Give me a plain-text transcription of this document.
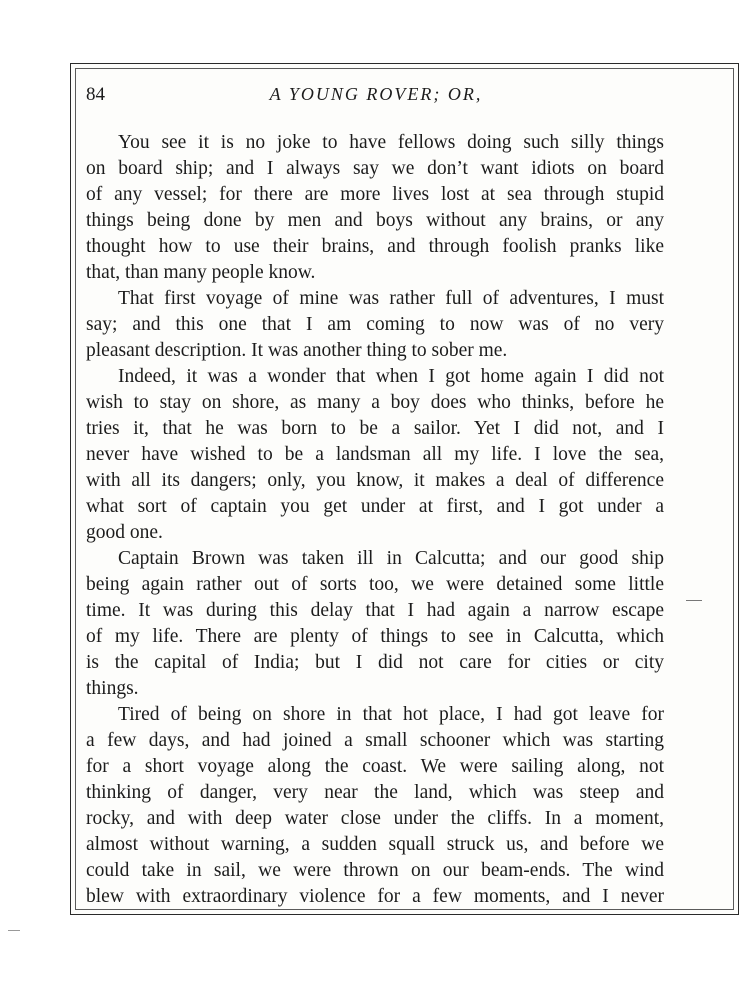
84	A YOUNG ROVER; OR,
You see it is no joke to have fellows doing such silly things
on board ship; and I always say we don’t want idiots on board
of any vessel; for there are more lives lost at sea through stupid
things being done by men and boys without any brains, or any
thought how to use their brains, and through foolish pranks like
that, than many people know.
That first voyage of mine was rather full of adventures, I must
say; and this one that I am coming to now was of no very
pleasant description. It was another thing to sober me.
Indeed, it was a wonder that when I got home again I did not
wish to stay on shore, as many a boy does who thinks, before he
tries it, that he was born to be a sailor. Yet I did not, and I
never have wished to be a landsman all my life. I love the sea,
with all its dangers; only, you know, it makes a deal of difference
what sort of captain you get under at first, and I got under a
good one.
Captain Brown was taken ill in Calcutta; and our good ship
being again rather out of sorts too, we were detained some little
time. It was during this delay that I had again a narrow escape
of my life. There are plenty of things to see in Calcutta, which
is the capital of India; but I did not care for cities or city
things.
Tired of being on shore in that hot place, I had got leave for
a few days, and had joined a small schooner which was starting
for a short voyage along the coast. We were sailing along, not
thinking of danger, very near the land, which was steep and
rocky, and with deep water close under the cliffs. In a moment,
almost without warning, a sudden squall struck us, and before we
could take in sail, we were thrown on our beam-ends. The wind
blew with extraordinary violence for a few moments, and I never
